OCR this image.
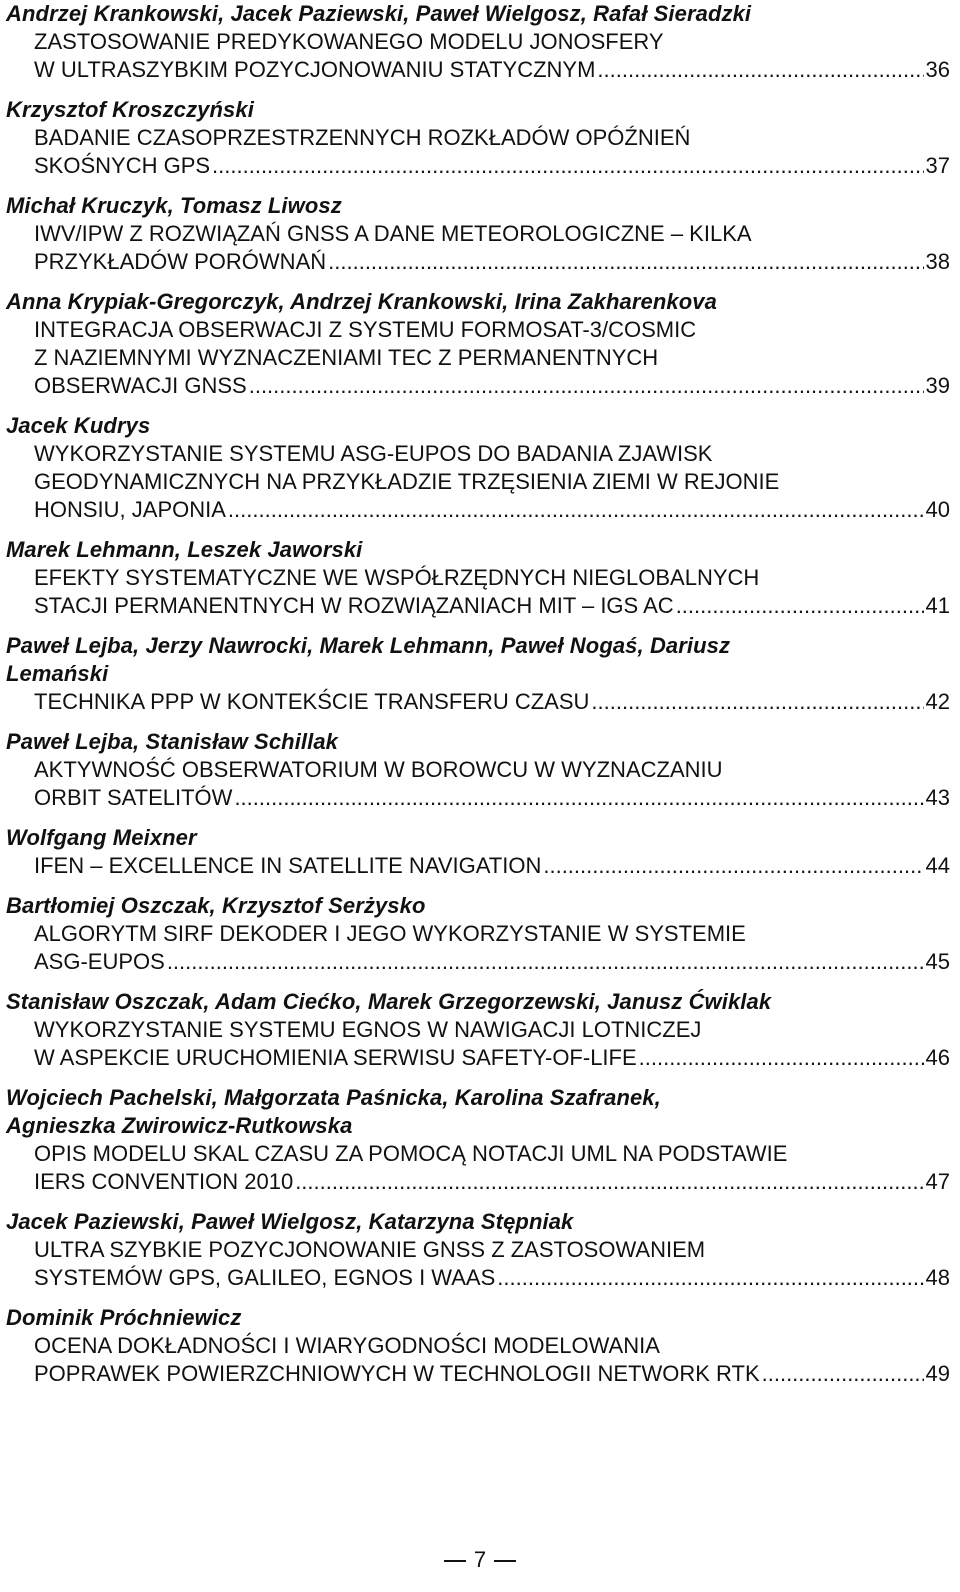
Andrzej Krankowski, Jacek Paziewski, Paweł Wielgosz, Rafał Sieradzki
ZASTOSOWANIE PREDYKOWANEGO MODELU JONOSFERY
W ULTRASZYBKIM POZYCJONOWANIU STATYCZNYM .....	36
Krzysztof Kroszczyński
BADANIE CZASOPRZESTRZENNYCH ROZKŁADÓW OPÓŹNIEŃ
SKOŚNYCH GPS .....	37
Michał Kruczyk, Tomasz Liwosz
IWV/IPW Z ROZWIĄZAŃ GNSS A DANE METEOROLOGICZNE – KILKA
PRZYKŁADÓW PORÓWNAŃ .....	38
Anna Krypiak-Gregorczyk, Andrzej Krankowski, Irina Zakharenkova
INTEGRACJA OBSERWACJI Z SYSTEMU FORMOSAT-3/COSMIC
Z NAZIEMNYMI WYZNACZENIAMI TEC Z PERMANENTNYCH
OBSERWACJI GNSS .....	39
Jacek Kudrys
WYKORZYSTANIE SYSTEMU ASG-EUPOS DO BADANIA ZJAWISK
GEODYNAMICZNYCH NA PRZYKŁADZIE TRZĘSIENIA ZIEMI W REJONIE
HONSIU, JAPONIA .....	40
Marek Lehmann, Leszek Jaworski
EFEKTY SYSTEMATYCZNE WE WSPÓŁRZĘDNYCH NIEGLOBALNYCH
STACJI PERMANENTNYCH W ROZWIĄZANIACH MIT – IGS AC .....	41
Paweł Lejba, Jerzy Nawrocki, Marek Lehmann, Paweł Nogaś, Dariusz
Lemański
TECHNIKA PPP W KONTEKŚCIE TRANSFERU CZASU .....	42
Paweł Lejba, Stanisław Schillak
AKTYWNOŚĆ OBSERWATORIUM W BOROWCU W WYZNACZANIU
ORBIT SATELITÓW .....	43
Wolfgang Meixner
IFEN – EXCELLENCE IN SATELLITE NAVIGATION .....	44
Bartłomiej Oszczak, Krzysztof Serżysko
ALGORYTM SIRF DEKODER I JEGO WYKORZYSTANIE W SYSTEMIE
ASG-EUPOS .....	45
Stanisław Oszczak, Adam Ciećko, Marek Grzegorzewski, Janusz Ćwiklak
WYKORZYSTANIE SYSTEMU EGNOS W NAWIGACJI LOTNICZEJ
W ASPEKCIE URUCHOMIENIA SERWISU SAFETY-OF-LIFE .....	46
Wojciech Pachelski, Małgorzata Paśnicka, Karolina Szafranek,
Agnieszka Zwirowicz-Rutkowska
OPIS MODELU SKAL CZASU ZA POMOCĄ NOTACJI UML NA PODSTAWIE
IERS CONVENTION 2010 .....	47
Jacek Paziewski, Paweł Wielgosz, Katarzyna Stępniak
ULTRA SZYBKIE POZYCJONOWANIE GNSS Z ZASTOSOWANIEM
SYSTEMÓW GPS, GALILEO, EGNOS I WAAS .....	48
Dominik Próchniewicz
OCENA DOKŁADNOŚCI I WIARYGODNOŚCI MODELOWANIA
POPRAWEK POWIERZCHNIOWYCH W TECHNOLOGII NETWORK RTK .....	49
7
